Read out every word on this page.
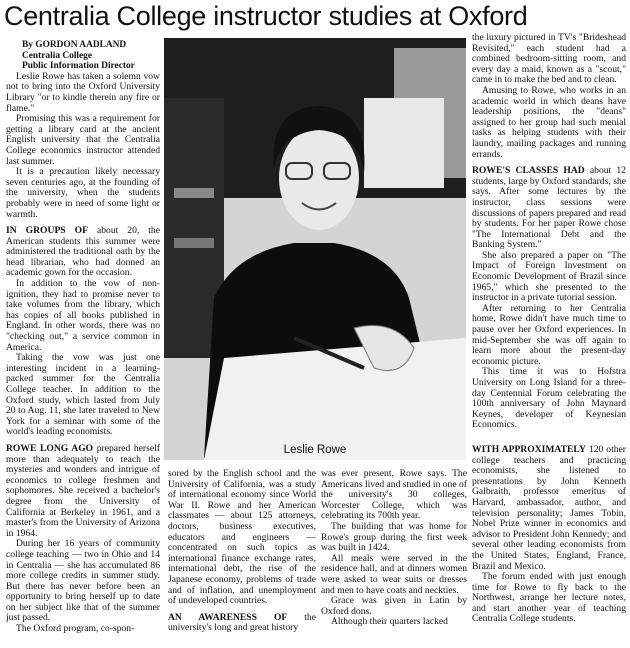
Centralia College instructor studies at Oxford
By GORDON AADLAND
Centralia College
Public Information Director

Leslie Rowe has taken a solemn vow not to bring into the Oxford University Library "or to kindle therein any fire or flame."

Promising this was a requirement for getting a library card at the ancient English university that the Centralia College economics instructor attended last summer.

It is a precaution likely necessary seven centuries ago, at the founding of the university, when the students probably were in need of some light or warmth.

IN GROUPS OF about 20, the American students this summer were administered the traditional oath by the head librarian, who had donned an academic gown for the occasion.

In addition to the vow of non-ignition, they had to promise never to take volumes from the library, which has copies of all books published in England. In other words, there was no "checking out," a service common in America.

Taking the vow was just one interesting incident in a learning-packed summer for the Centralia College teacher. In addition to the Oxford study, which lasted from July 20 to Aug. 11, she later traveled to New York for a seminar with some of the world's leading economists.

ROWE LONG AGO prepared herself more than adequately to teach the mysteries and wonders and intrigue of economics to college freshmen and sophomores. She received a bachelor's degree from the University of California at Berkeley in 1961, and a master's from the University of Arizona in 1964.

During her 16 years of community college teaching — two in Ohio and 14 in Centralia — she has accumulated 86 more college credits in summer study. But there has never before been an opportunity to bring herself up to date on her subject like that of the summer just passed.

The Oxford program, co-spon-

Leslie Rowe

sored by the English school and the University of California, was a study of international economy since World War II. Rowe and her American classmates — about 125 attorneys, doctors, business executives, educators and engineers — concentrated on such topics as international finance exchange rates, international debt, the rise of the Japanese economy, problems of trade and of inflation, and unemployment of undeveloped countries.

AN AWARENESS OF the university's long and great history

was ever present, Rowe says. The Americans lived and studied in one of the university's 30 colleges, Worcester College, which was celebrating its 700th year.

The building that was home for Rowe's group during the first week was built in 1424.

All meals were served in the residence hall, and at dinners women were asked to wear suits or dresses and men to have coats and neckties.

Grace was given in Latin by Oxford dons.

Although their quarters lacked

the luxury pictured in TV's "Brideshead Revisited," each student had a combined bedroom-sitting room, and every day a maid, known as a "scout," came in to make the bed and to clean.

Amusing to Rowe, who works in an academic world in which deans have leadership positions, the "deans" assigned to her group had such menial tasks as helping students with their laundry, mailing packages and running errands.

ROWE'S CLASSES HAD about 12 students, large by Oxford standards, she says. After some lectures by the instructor, class sessions were discussions of papers prepared and read by students. For her paper Rowe chose "The International Debt and the Banking System."

She also prepared a paper on "The Impact of Foreign Investment on Economic Development of Brazil since 1965," which she presented to the instructor in a private tutorial session.

After returning to her Centralia home, Rowe didn't have much time to pause over her Oxford experiences. In mid-September she was off again to learn more about the present-day economic picture.

This time it was to Hofstra University on Long Island for a three-day Centennial Forum celebrating the 100th anniversary of John Maynard Keynes, developer of Keynesian Economics.

WITH APPROXIMATELY 120 other college teachers and practicing economists, she listened to presentations by John Kenneth Galbraith, professor emeritus of Harvard, ambassador, author, and television personality; James Tobin, Nobel Prize winner in economics and advisor to President John Kennedy; and several other leading economists from the United States, England, France, Brazil and Mexico.

The forum ended with just enough time for Rowe to fly back to the Northwest, arrange her lecture notes, and start another year of teaching Centralia College students.
